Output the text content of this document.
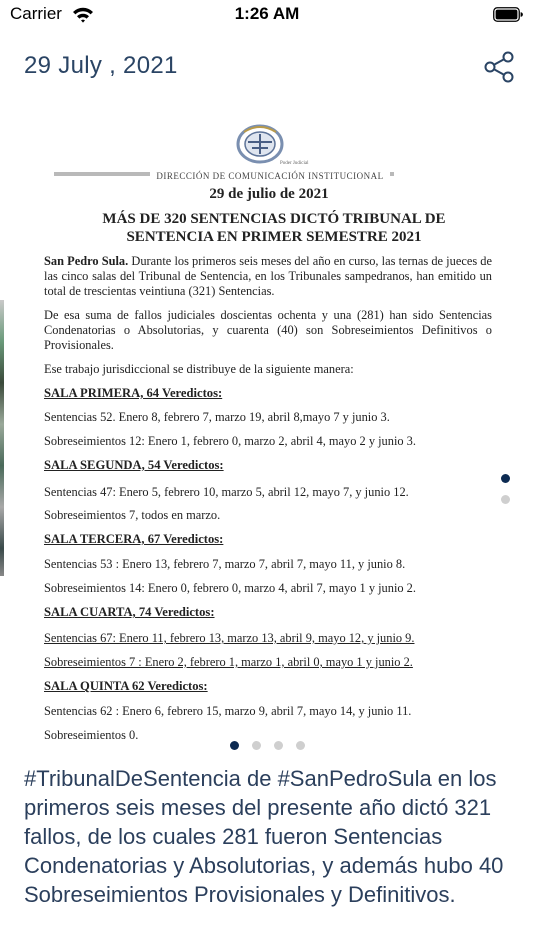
Carrier	1:26 AM
29 July , 2021
Poder Judicial
DIRECCIÓN DE COMUNICACIÓN INSTITUCIONAL
29 de julio de 2021
MÁS DE 320 SENTENCIAS DICTÓ TRIBUNAL DE SENTENCIA EN PRIMER SEMESTRE 2021
San Pedro Sula. Durante los primeros seis meses del año en curso, las ternas de jueces de las cinco salas del Tribunal de Sentencia, en los Tribunales sampedranos, han emitido un total de trescientas veintiuna (321) Sentencias.
De esa suma de fallos judiciales doscientas ochenta y una (281) han sido Sentencias Condenatorias o Absolutorias, y cuarenta (40) son Sobreseimientos Definitivos o Provisionales.
Ese trabajo jurisdiccional se distribuye de la siguiente manera:
SALA PRIMERA, 64 Veredictos:
Sentencias 52. Enero 8, febrero 7, marzo 19, abril 8,mayo 7 y junio 3.
Sobreseimientos 12: Enero 1, febrero 0, marzo 2, abril 4, mayo 2 y junio 3.
SALA SEGUNDA, 54 Veredictos:
Sentencias 47: Enero 5, febrero 10, marzo 5, abril 12, mayo 7, y junio 12.
Sobreseimientos 7, todos en marzo.
SALA TERCERA, 67 Veredictos:
Sentencias 53 : Enero 13, febrero 7, marzo 7, abril 7, mayo 11, y junio 8.
Sobreseimientos 14: Enero 0, febrero 0, marzo 4, abril 7, mayo 1 y junio 2.
SALA CUARTA, 74 Veredictos:
Sentencias 67: Enero 11, febrero 13, marzo 13, abril 9, mayo 12, y junio 9.
Sobreseimientos 7 : Enero 2, febrero 1, marzo 1, abril 0, mayo 1 y junio 2.
SALA QUINTA 62 Veredictos:
Sentencias 62 : Enero 6, febrero 15, marzo 9, abril 7, mayo 14, y junio 11.
Sobreseimientos 0.
#TribunalDeSentencia de #SanPedroSula en los primeros seis meses del presente año dictó 321 fallos, de los cuales 281 fueron Sentencias Condenatorias y Absolutorias, y además hubo 40 Sobreseimientos Provisionales y Definitivos.
